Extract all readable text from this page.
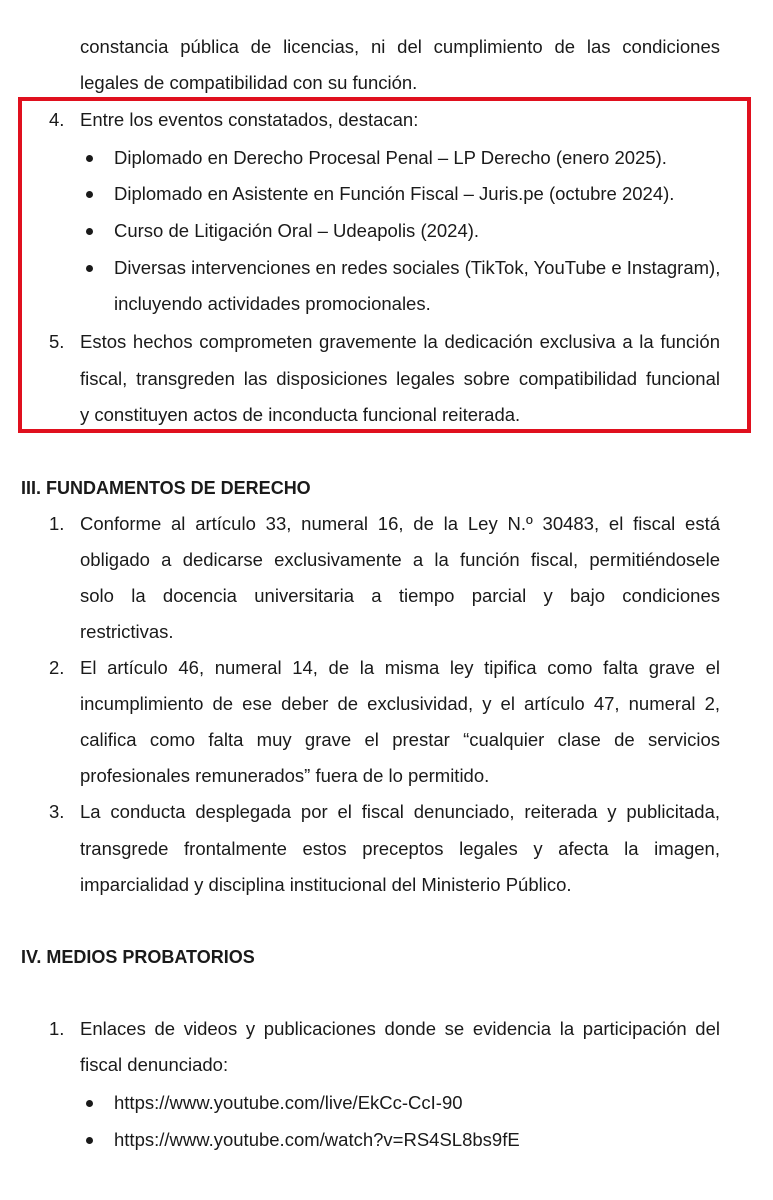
constancia pública de licencias, ni del cumplimiento de las condiciones
legales de compatibilidad con su función.
4. Entre los eventos constatados, destacan:
Diplomado en Derecho Procesal Penal – LP Derecho (enero 2025).
Diplomado en Asistente en Función Fiscal – Juris.pe (octubre 2024).
Curso de Litigación Oral – Udeapolis (2024).
Diversas intervenciones en redes sociales (TikTok, YouTube e Instagram),
incluyendo actividades promocionales.
5. Estos hechos comprometen gravemente la dedicación exclusiva a la función
fiscal, transgreden las disposiciones legales sobre compatibilidad funcional
y constituyen actos de inconducta funcional reiterada.
III. FUNDAMENTOS DE DERECHO
1. Conforme al artículo 33, numeral 16, de la Ley N.º 30483, el fiscal está
obligado a dedicarse exclusivamente a la función fiscal, permitiéndosele
solo la docencia universitaria a tiempo parcial y bajo condiciones
restrictivas.
2. El artículo 46, numeral 14, de la misma ley tipifica como falta grave el
incumplimiento de ese deber de exclusividad, y el artículo 47, numeral 2,
califica como falta muy grave el prestar “cualquier clase de servicios
profesionales remunerados” fuera de lo permitido.
3. La conducta desplegada por el fiscal denunciado, reiterada y publicitada,
transgrede frontalmente estos preceptos legales y afecta la imagen,
imparcialidad y disciplina institucional del Ministerio Público.
IV. MEDIOS PROBATORIOS
1. Enlaces de videos y publicaciones donde se evidencia la participación del
fiscal denunciado:
https://www.youtube.com/live/EkCc-CcI-90
https://www.youtube.com/watch?v=RS4SL8bs9fE
